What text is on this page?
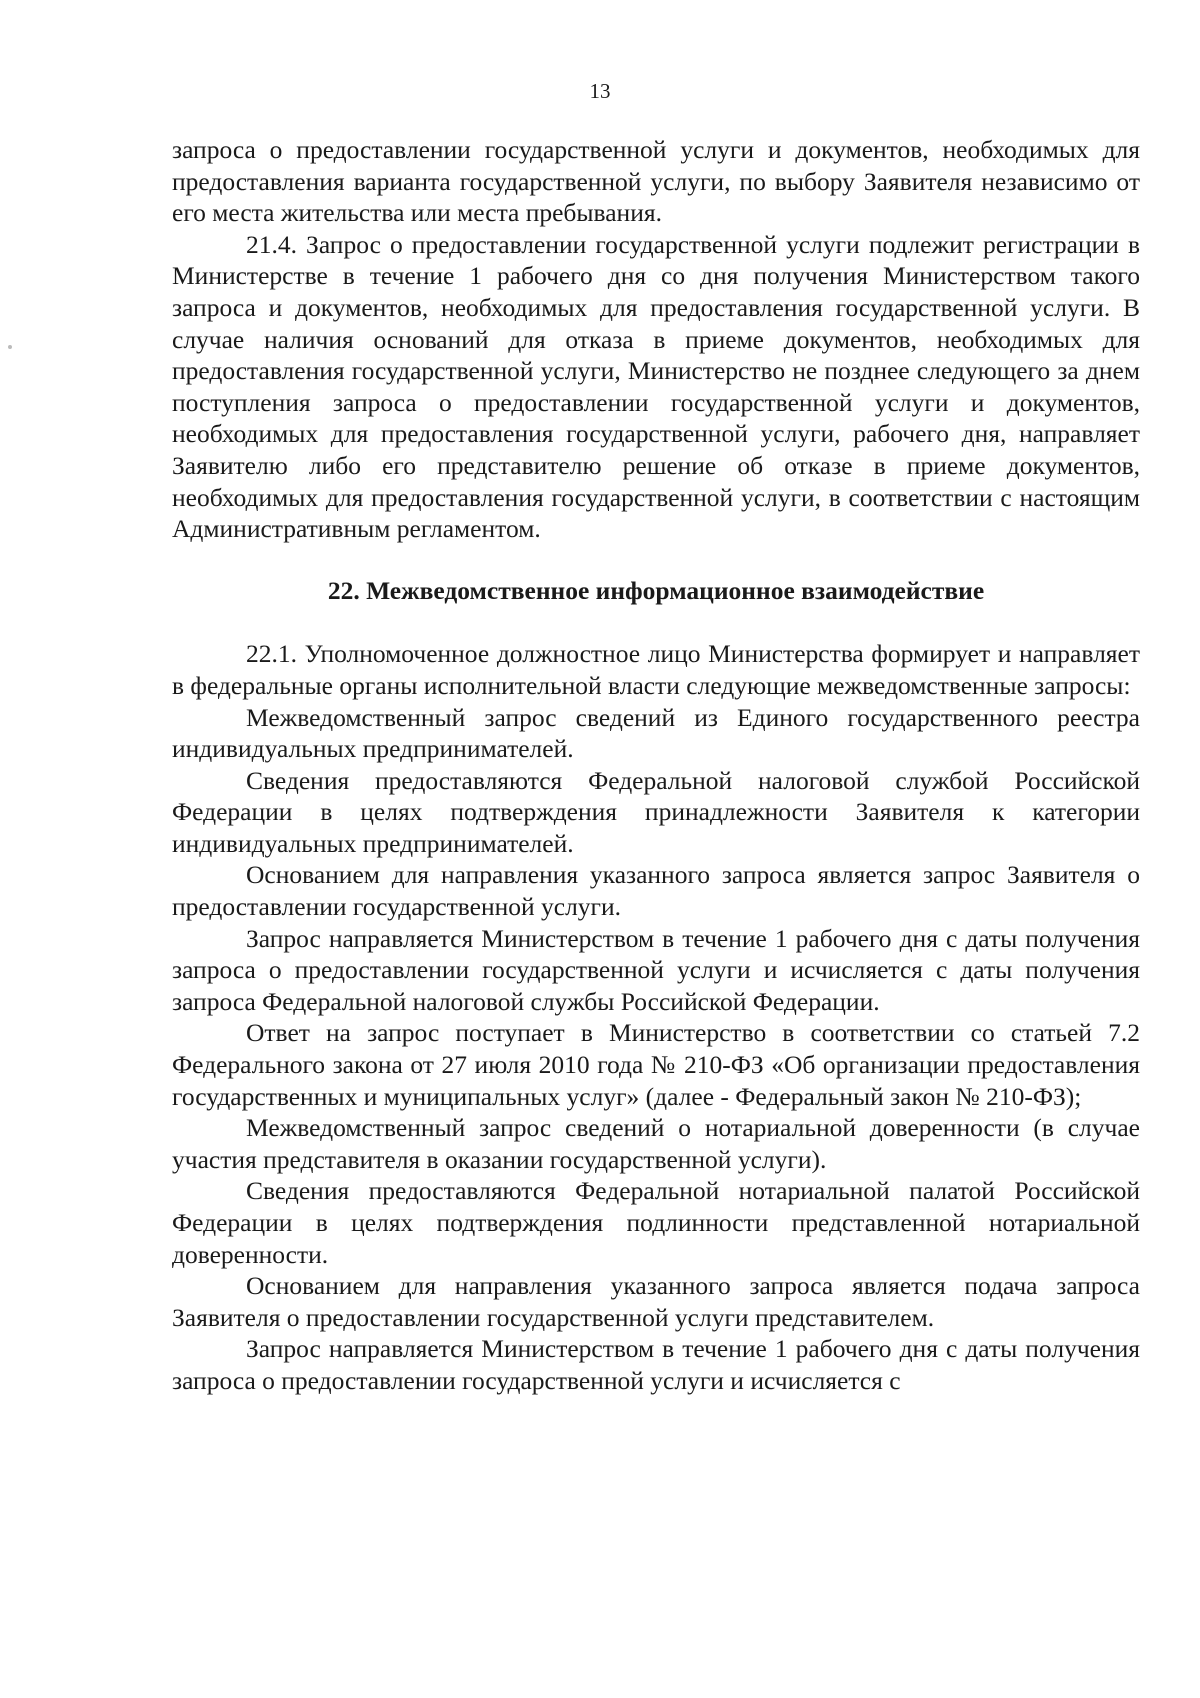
13

запроса о предоставлении государственной услуги и документов, необходимых для предоставления варианта государственной услуги, по выбору Заявителя независимо от его места жительства или места пребывания.

21.4. Запрос о предоставлении государственной услуги подлежит регистрации в Министерстве в течение 1 рабочего дня со дня получения Министерством такого запроса и документов, необходимых для предоставления государственной услуги. В случае наличия оснований для отказа в приеме документов, необходимых для предоставления государственной услуги, Министерство не позднее следующего за днем поступления запроса о предоставлении государственной услуги и документов, необходимых для предоставления государственной услуги, рабочего дня, направляет Заявителю либо его представителю решение об отказе в приеме документов, необходимых для предоставления государственной услуги, в соответствии с настоящим Административным регламентом.

22. Межведомственное информационное взаимодействие

22.1. Уполномоченное должностное лицо Министерства формирует и направляет в федеральные органы исполнительной власти следующие межведомственные запросы:

Межведомственный запрос сведений из Единого государственного реестра индивидуальных предпринимателей.

Сведения предоставляются Федеральной налоговой службой Российской Федерации в целях подтверждения принадлежности Заявителя к категории индивидуальных предпринимателей.

Основанием для направления указанного запроса является запрос Заявителя о предоставлении государственной услуги.

Запрос направляется Министерством в течение 1 рабочего дня с даты получения запроса о предоставлении государственной услуги и исчисляется с даты получения запроса Федеральной налоговой службы Российской Федерации.

Ответ на запрос поступает в Министерство в соответствии со статьей 7.2 Федерального закона от 27 июля 2010 года № 210-ФЗ «Об организации предоставления государственных и муниципальных услуг» (далее - Федеральный закон № 210-ФЗ);

Межведомственный запрос сведений о нотариальной доверенности (в случае участия представителя в оказании государственной услуги).

Сведения предоставляются Федеральной нотариальной палатой Российской Федерации в целях подтверждения подлинности представленной нотариальной доверенности.

Основанием для направления указанного запроса является подача запроса Заявителя о предоставлении государственной услуги представителем.

Запрос направляется Министерством в течение 1 рабочего дня с даты получения запроса о предоставлении государственной услуги и исчисляется с
